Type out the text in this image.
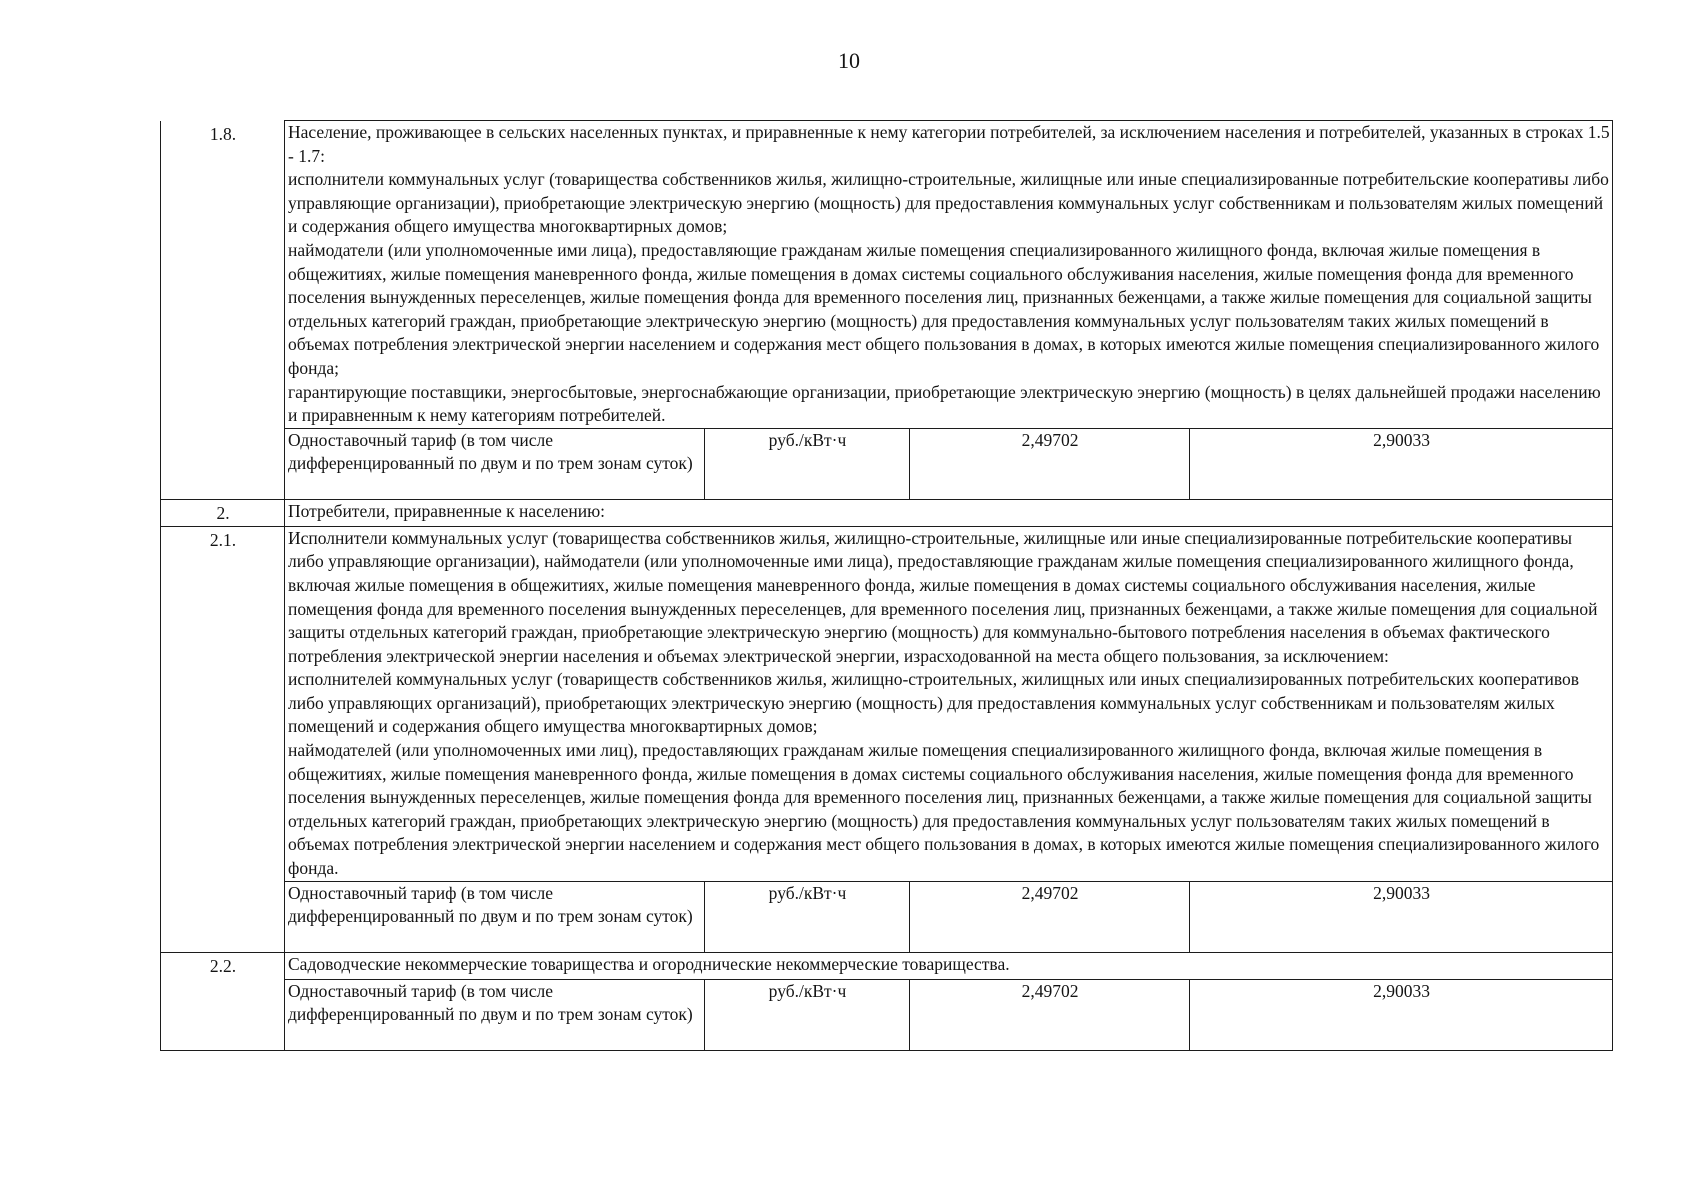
10
1.8.	Население, проживающее в сельских населенных пунктах, и приравненные к нему категории потребителей, за исключением населения и потребителей, указанных в строках 1.5 - 1.7:
исполнители коммунальных услуг (товарищества собственников жилья, жилищно-строительные, жилищные или иные специализированные потребительские кооперативы либо управляющие организации), приобретающие электрическую энергию (мощность) для предоставления коммунальных услуг собственникам и пользователям жилых помещений и содержания общего имущества многоквартирных домов;
наймодатели (или уполномоченные ими лица), предоставляющие гражданам жилые помещения специализированного жилищного фонда, включая жилые помещения в общежитиях, жилые помещения маневренного фонда, жилые помещения в домах системы социального обслуживания населения, жилые помещения фонда для временного поселения вынужденных переселенцев, жилые помещения фонда для временного поселения лиц, признанных беженцами, а также жилые помещения для социальной защиты отдельных категорий граждан, приобретающие электрическую энергию (мощность) для предоставления коммунальных услуг пользователям таких жилых помещений в объемах потребления электрической энергии населением и содержания мест общего пользования в домах, в которых имеются жилые помещения специализированного жилого фонда;
гарантирующие поставщики, энергосбытовые, энергоснабжающие организации, приобретающие электрическую энергию (мощность) в целях дальнейшей продажи населению и приравненным к нему категориям потребителей.			

	Одноставочный тариф (в том числе дифференцированный по двум и по трем зонам суток)	руб./кВт·ч	2,49702	2,90033
2.	Потребители, приравненные к населению:			
2.1.	Исполнители коммунальных услуг (товарищества собственников жилья, жилищно-строительные, жилищные или иные специализированные потребительские кооперативы либо управляющие организации), наймодатели (или уполномоченные ими лица), предоставляющие гражданам жилые помещения специализированного жилищного фонда, включая жилые помещения в общежитиях, жилые помещения маневренного фонда, жилые помещения в домах системы социального обслуживания населения, жилые помещения фонда для временного поселения вынужденных переселенцев, для временного поселения лиц, признанных беженцами, а также жилые помещения для социальной защиты отдельных категорий граждан, приобретающие электрическую энергию (мощность) для коммунально-бытового потребления населения в объемах фактического потребления электрической энергии населения и объемах электрической энергии, израсходованной на места общего пользования, за исключением:
исполнителей коммунальных услуг (товариществ собственников жилья, жилищно-строительных, жилищных или иных специализированных потребительских кооперативов либо управляющих организаций), приобретающих электрическую энергию (мощность) для предоставления коммунальных услуг собственникам и пользователям жилых помещений и содержания общего имущества многоквартирных домов;
наймодателей (или уполномоченных ими лиц), предоставляющих гражданам жилые помещения специализированного жилищного фонда, включая жилые помещения в общежитиях, жилые помещения маневренного фонда, жилые помещения в домах системы социального обслуживания населения, жилые помещения фонда для временного поселения вынужденных переселенцев, жилые помещения фонда для временного поселения лиц, признанных беженцами, а также жилые помещения для социальной защиты отдельных категорий граждан, приобретающих электрическую энергию (мощность) для предоставления коммунальных услуг пользователям таких жилых помещений в объемах потребления электрической энергии населением и содержания мест общего пользования в домах, в которых имеются жилые помещения специализированного жилого фонда.			

	Одноставочный тариф (в том числе дифференцированный по двум и по трем зонам суток)	руб./кВт·ч	2,49702	2,90033
2.2.	Садоводческие некоммерческие товарищества и огороднические некоммерческие товарищества.			
	Одноставочный тариф (в том числе дифференцированный по двум и по трем зонам суток)	руб./кВт·ч	2,49702	2,90033
